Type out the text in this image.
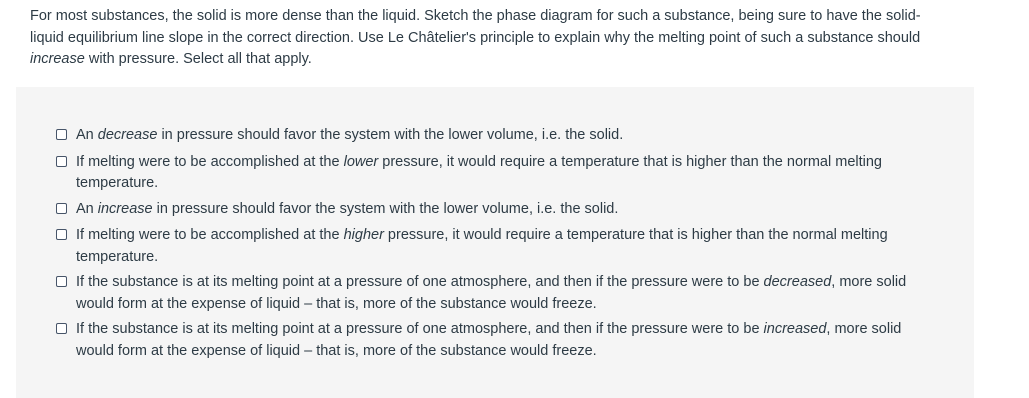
For most substances, the solid is more dense than the liquid. Sketch the phase diagram for such a substance, being sure to have the solid-liquid equilibrium line slope in the correct direction. Use Le Châtelier's principle to explain why the melting point of such a substance should increase with pressure. Select all that apply.
An decrease in pressure should favor the system with the lower volume, i.e. the solid.
If melting were to be accomplished at the lower pressure, it would require a temperature that is higher than the normal melting temperature.
An increase in pressure should favor the system with the lower volume, i.e. the solid.
If melting were to be accomplished at the higher pressure, it would require a temperature that is higher than the normal melting temperature.
If the substance is at its melting point at a pressure of one atmosphere, and then if the pressure were to be decreased, more solid would form at the expense of liquid – that is, more of the substance would freeze.
If the substance is at its melting point at a pressure of one atmosphere, and then if the pressure were to be increased, more solid would form at the expense of liquid – that is, more of the substance would freeze.
